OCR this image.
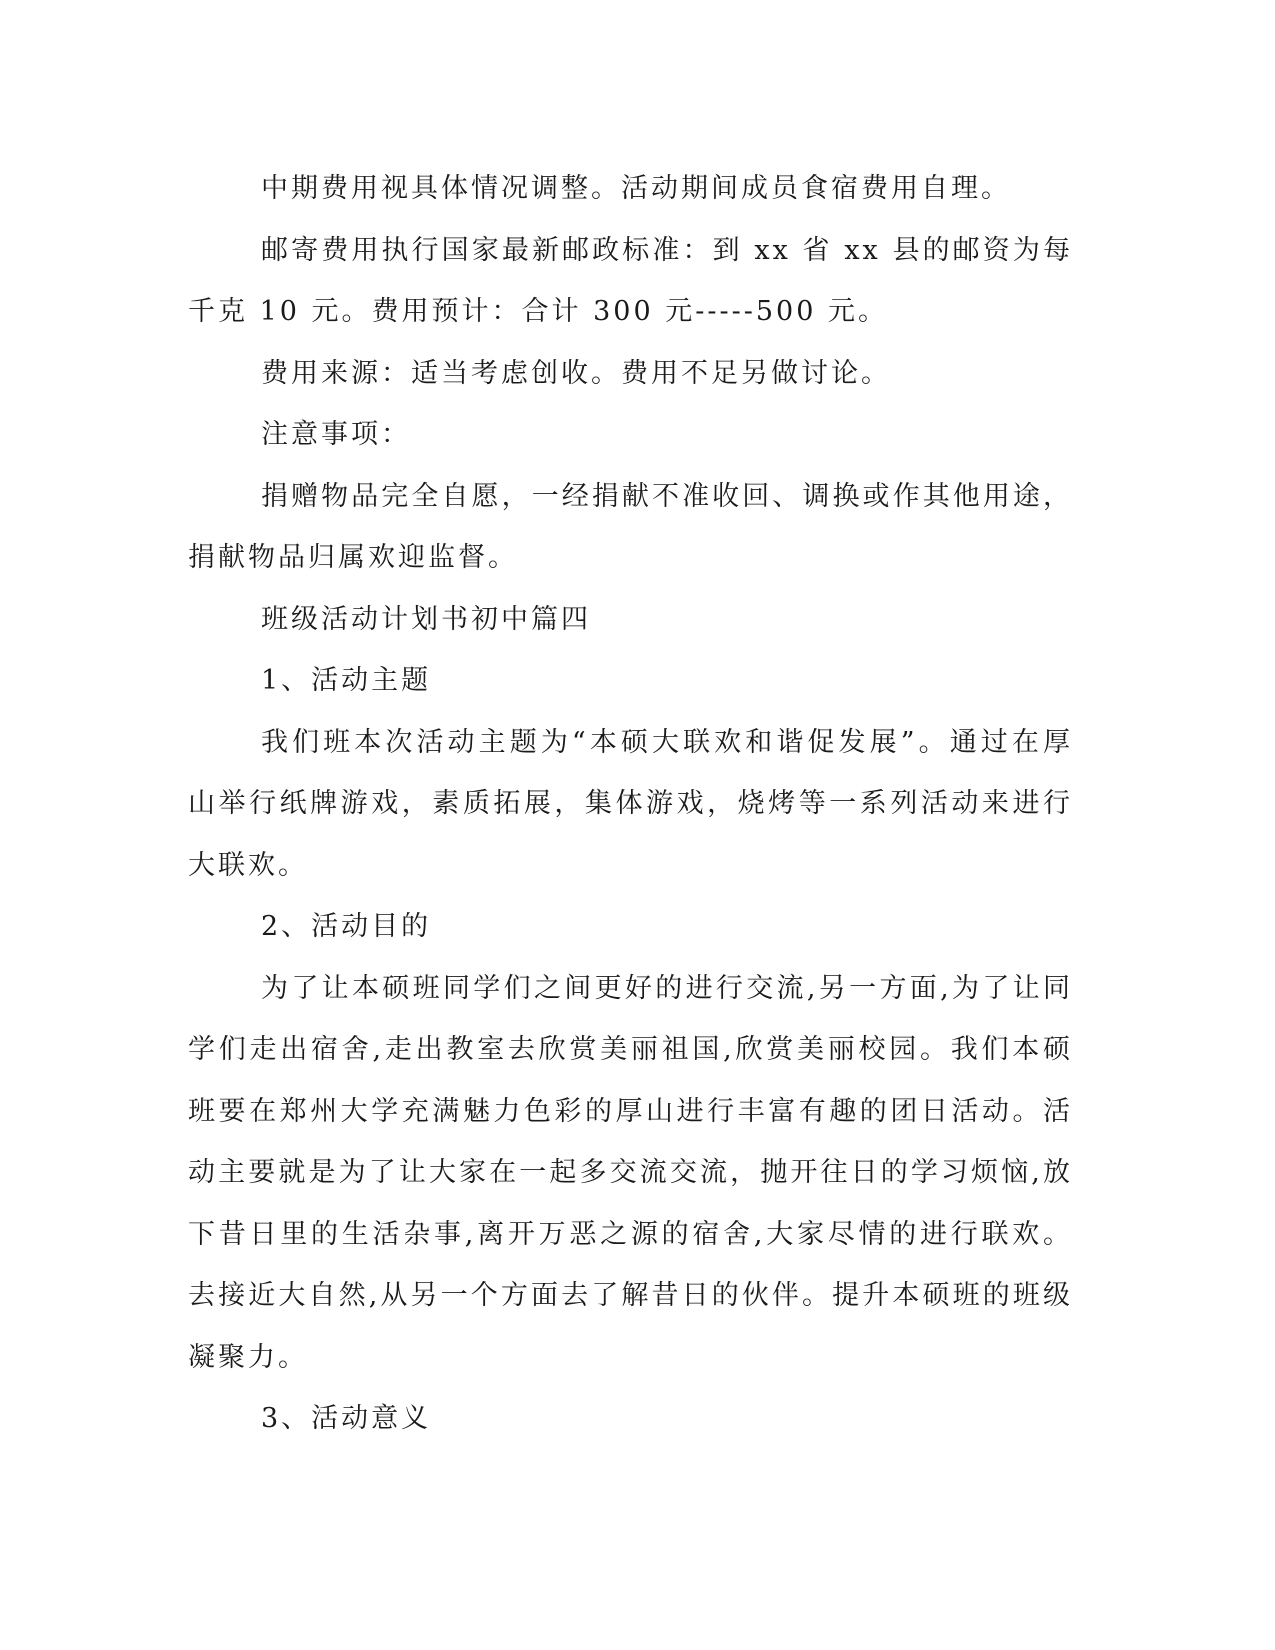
中期费用视具体情况调整。活动期间成员食宿费用自理。

邮寄费用执行国家最新邮政标准：到 xx 省 xx 县的邮资为每千克 10 元。费用预计：合计 300 元-----500 元。

费用来源：适当考虑创收。费用不足另做讨论。

注意事项：

捐赠物品完全自愿，一经捐献不准收回、调换或作其他用途，捐献物品归属欢迎监督。

班级活动计划书初中篇四

1、活动主题

我们班本次活动主题为“本硕大联欢和谐促发展”。通过在厚山举行纸牌游戏，素质拓展，集体游戏，烧烤等一系列活动来进行大联欢。

2、活动目的

为了让本硕班同学们之间更好的进行交流,另一方面,为了让同学们走出宿舍,走出教室去欣赏美丽祖国,欣赏美丽校园。我们本硕班要在郑州大学充满魅力色彩的厚山进行丰富有趣的团日活动。活动主要就是为了让大家在一起多交流交流，抛开往日的学习烦恼,放下昔日里的生活杂事,离开万恶之源的宿舍,大家尽情的进行联欢。去接近大自然,从另一个方面去了解昔日的伙伴。提升本硕班的班级凝聚力。

3、活动意义
